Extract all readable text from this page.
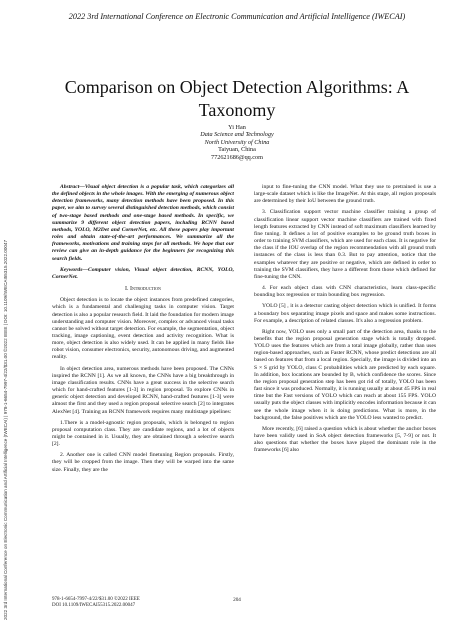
2022 3rd International Conference on Electronic Communication and Artificial Intelligence (IWECAI) | 978-1-6654-7997-4/22/$31.00 ©2022 IEEE | DOI: 10.1109/IWECAI55315.2022.00047
2022 3rd International Conference on Electronic Communication and Artificial Intelligence (IWECAI)
Comparison on Object Detection Algorithms: A Taxonomy
Yi Han
Data Science and Technology
North University of China
Taiyuan, China
772621686@qq.com

Abstract—Visual object detection is a popular task, which categorizes all the defined objects in the whole images. With the emerging of numerous object detection frameworks, many detection methods have been proposed. In this paper, we aim to survey several distinguished detection methods, which consist of two-stage based methods and one-stage based methods. In specific, we summarize 9 different object detection papers, including RCNN based methods, YOLO, M2Det and CornerNet, etc. All these papers play important roles and obtain state-of-the-art performances. We summarize all the frameworks, motivations and training steps for all methods. We hope that our review can give an in-depth guidance for the beginners for recognizing this search fields.

Keywords—Computer vision, Visual object detection, RCNN, YOLO, CornerNet.

I. Introduction

Object detection is to locate the object instances from predefined categories, which is a fundamental and challenging tasks in computer vision. Target detection is also a popular research field. It laid the foundation for modern image understanding and computer vision. Moreover, complex or advanced visual tasks cannot be solved without target detection. For example, the segmentation, object tracking, image captioning, event detection and activity recognition. What is more, object detection is also widely used. It can be applied in many fields like robot vision, consumer electronics, security, autonomous driving, and augmented reality.

In object detection area, numerous methods have been proposed. The CNNs inspired the RCNN [1]. As we all known, the CNNs have a big breakthrough in image classification results. CNNs have a great success in the selective search which for hand-crafted features [1-3] in region proposal. To explore CNNs in generic object detection and developed RCNN, hand-crafted features [1-3] were almost the first and they used a region proposal selective search [2] to integrates AlexNet [4]. Training an RCNN framework requires many multistage pipelines:

1.There is a model-agnostic region proposals, which is belonged to region proposal computation class. They are candidate regions, and a lot of objects might be contained in it. Usually, they are obtained through a selective search [2].

2. Another one is called CNN model finetuning Region proposals. Firstly, they will be cropped from the image. Then they will be warped into the same size. Finally, they are the

input to fine-tuning the CNN model. What they use to pretrained is use a large-scale dataset which is like the ImageNet. At this stage, all region proposals are determined by their IoU between the ground truth.

3. Classification support vector machine classifier training a group of classification linear support vector machine classifiers are trained with fixed length features extracted by CNN instead of soft maximum classifiers learned by fine tuning. It defines a lot of positive examples to be ground truth boxes in order to training SVM classifiers, which are used for each class. It is negative for the class if the IOU overlap of the region recommendation with all ground truth instances of the class is less than 0.3. But to pay attention, notice that the examples whatever they are positive or negative, which are defined in order to training the SVM classifiers, they have a different from those which defined for fine-tuning the CNN.

4. For each object class with CNN characteristics, learn class-specific bounding box regression or train bounding box regression.

YOLO [5] , it is a detector casting object detection which is unified. It forms a boundary box separating image pixels and space and makes some instructions. For example, a description of related classes. It's also a regression problem.

Right now, YOLO uses only a small part of the detection area, thanks to the benefits that the region proposal generation stage which is totally dropped. YOLO uses the features which are from a total image globally, rather than uses region-based approaches, such as Faster RCNN, whose predict detections are all based on features that from a local region. Specially, the image is divided into an S × S grid by YOLO, class C probabilities which are predicted by each square. In addition, box locations are bounded by B, which confidence the scores. Since the region proposal generation step has been got rid of totally, YOLO has been fast since it was produced. Normally, it is running usually at about 45 FPS in real time but the Fast versions of YOLO which can reach at about 155 FPS. YOLO usually puts the object classes with implicitly encodes information because it can see the whole image when it is doing predictions. What is more, in the background, the false positives which are the YOLO less wanted to predict.

More recently, [6] raised a question which is about whether the anchor boxes have been validly used in SoA object detection frameworks [5, 7-9] or not. It also questions that whether the boxes have played the dominant role in the frameworks [6] also

978-1-6654-7997-4/22/$31.00 ©2022 IEEE
DOI 10.1109/IWECAI55315.2022.00047
204
